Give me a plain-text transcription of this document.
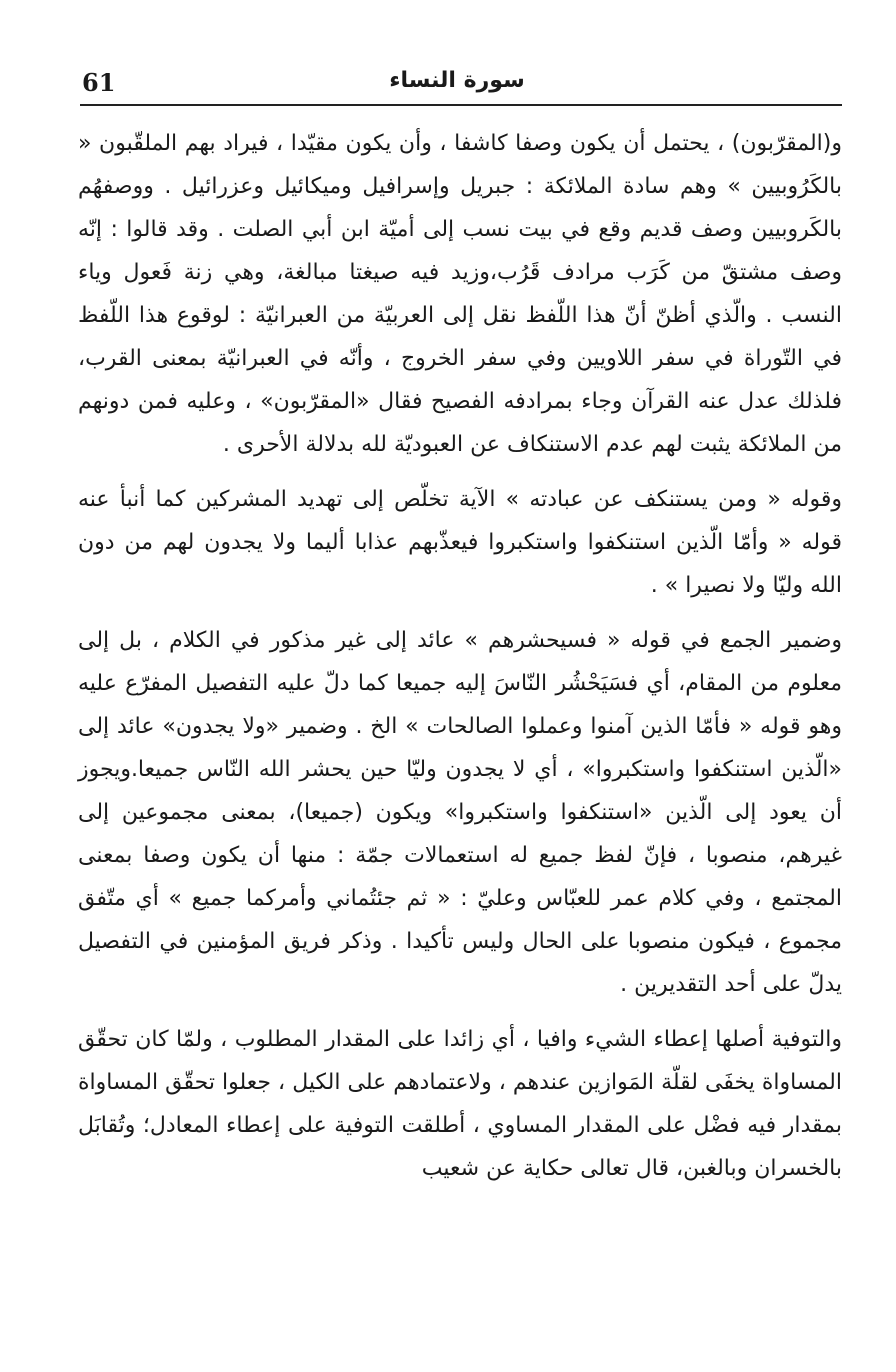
61	سورة النساء

و(المقرّبون) ، يحتمل أن يكون وصفا كاشفا ، وأن يكون مقيّدا ، فيراد بهم الملقّبون « بالكَرُوبيين » وهم سادة الملائكة : جبريل وإسرافيل وميكائيل وعزرائيل . ووصفهُم بالكَروبيين وصف قديم وقع في بيت نسب إلى أميّة ابن أبي الصلت . وقد قالوا : إنّه وصف مشتقّ من كَرَب مرادف قَرُب،وزيد فيه صيغتا مبالغة، وهي زنة فَعول وياء النسب . والّذي أظنّ أنّ هذا اللّفظ نقل إلى العربيّة من العبرانيّة : لوقوع هذا اللّفظ في التّوراة في سفر اللاويين وفي سفر الخروج ، وأنّه في العبرانيّة بمعنى القرب، فلذلك عدل عنه القرآن وجاء بمرادفه الفصيح فقال «المقرّبون» ، وعليه فمن دونهم من الملائكة يثبت لهم عدم الاستنكاف عن العبوديّة لله بدلالة الأحرى .

وقوله « ومن يستنكف عن عبادته » الآية تخلّص إلى تهديد المشركين كما أنبأ عنه قوله « وأمّا الّذين استنكفوا واستكبروا فيعذّبهم عذابا أليما ولا يجدون لهم من دون الله وليّا ولا نصيرا » .

وضمير الجمع في قوله « فسيحشرهم » عائد إلى غير مذكور في الكلام ، بل إلى معلوم من المقام، أي فسَيَحْشُر النّاسَ إليه جميعا كما دلّ عليه التفصيل المفرّع عليه وهو قوله « فأمّا الذين آمنوا وعملوا الصالحات » الخ . وضمير «ولا يجدون» عائد إلى «الّذين استنكفوا واستكبروا» ، أي لا يجدون وليّا حين يحشر الله النّاس جميعا.ويجوز أن يعود إلى الّذين «استنكفوا واستكبروا» ويكون (جميعا)، بمعنى مجموعين إلى غيرهم، منصوبا ، فإنّ لفظ جميع له استعمالات جمّة : منها أن يكون وصفا بمعنى المجتمع ، وفي كلام عمر للعبّاس وعليّ : « ثم جئتُماني وأمركما جميع » أي متّفق مجموع ، فيكون منصوبا على الحال وليس تأكيدا . وذكر فريق المؤمنين في التفصيل يدلّ على أحد التقديرين .

والتوفية أصلها إعطاء الشيء وافيا ، أي زائدا على المقدار المطلوب ، ولمّا كان تحقّق المساواة يخفَى لقلّة المَوازين عندهم ، ولاعتمادهم على الكيل ، جعلوا تحقّق المساواة بمقدار فيه فضْل على المقدار المساوي ، أطلقت التوفية على إعطاء المعادل؛ وتُقابَل بالخسران وبالغبن، قال تعالى حكاية عن شعيب
